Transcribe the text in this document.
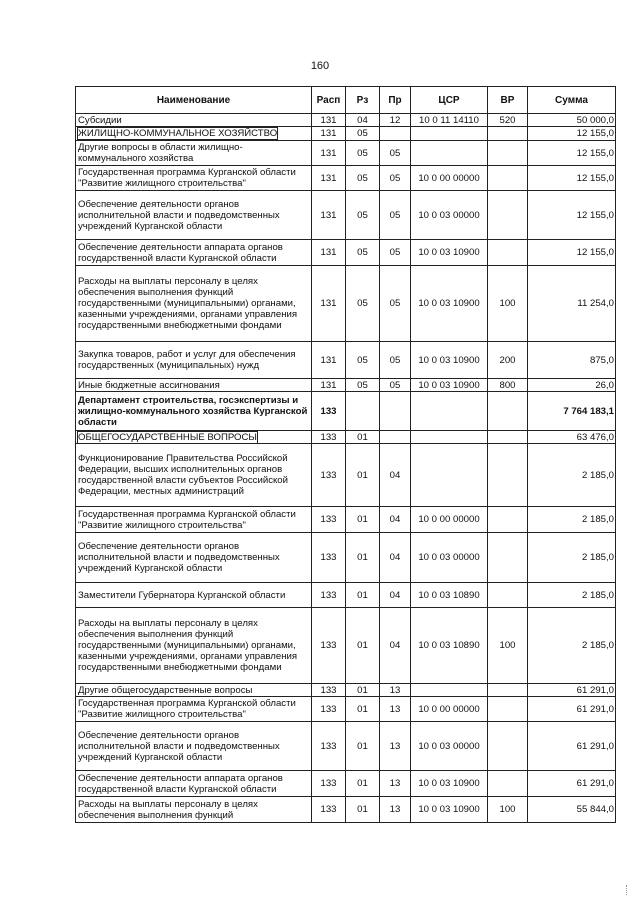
160
Наименование	Расп	Рз	Пр	ЦСР	ВР	Сумма
Субсидии	131	04	12	10 0 11 14110	520	50 000,0
ЖИЛИЩНО-КОММУНАЛЬНОЕ ХОЗЯЙСТВО	131	05				12 155,0
Другие вопросы в области жилищно-коммунального хозяйства	131	05	05			12 155,0
Государственная программа Курганской области "Развитие жилищного строительства"	131	05	05	10 0 00 00000		12 155,0
Обеспечение деятельности органов исполнительной власти и подведомственных учреждений Курганской области	131	05	05	10 0 03 00000		12 155,0
Обеспечение деятельности аппарата органов государственной власти Курганской области	131	05	05	10 0 03 10900		12 155,0
Расходы на выплаты персоналу в целях обеспечения выполнения функций государственными (муниципальными) органами, казенными учреждениями, органами управления государственными внебюджетными фондами	131	05	05	10 0 03 10900	100	11 254,0
Закупка товаров, работ и услуг для обеспечения государственных (муниципальных) нужд	131	05	05	10 0 03 10900	200	875,0
Иные бюджетные ассигнования	131	05	05	10 0 03 10900	800	26,0
Департамент строительства, госэкспертизы и жилищно-коммунального хозяйства Курганской области	133					7 764 183,1
ОБЩЕГОСУДАРСТВЕННЫЕ ВОПРОСЫ	133	01				63 476,0
Функционирование Правительства Российской Федерации, высших исполнительных органов государственной власти субъектов Российской Федерации, местных администраций	133	01	04			2 185,0
Государственная программа Курганской области "Развитие жилищного строительства"	133	01	04	10 0 00 00000		2 185,0
Обеспечение деятельности органов исполнительной власти и подведомственных учреждений Курганской области	133	01	04	10 0 03 00000		2 185,0
Заместители Губернатора Курганской области	133	01	04	10 0 03 10890		2 185,0
Расходы на выплаты персоналу в целях обеспечения выполнения функций государственными (муниципальными) органами, казенными учреждениями, органами управления государственными внебюджетными фондами	133	01	04	10 0 03 10890	100	2 185,0
Другие общегосударственные вопросы	133	01	13			61 291,0
Государственная программа Курганской области "Развитие жилищного строительства"	133	01	13	10 0 00 00000		61 291,0
Обеспечение деятельности органов исполнительной власти и подведомственных учреждений Курганской области	133	01	13	10 0 03 00000		61 291,0
Обеспечение деятельности аппарата органов государственной власти Курганской области	133	01	13	10 0 03 10900		61 291,0
Расходы на выплаты персоналу в целях обеспечения выполнения функций	133	01	13	10 0 03 10900	100	55 844,0
